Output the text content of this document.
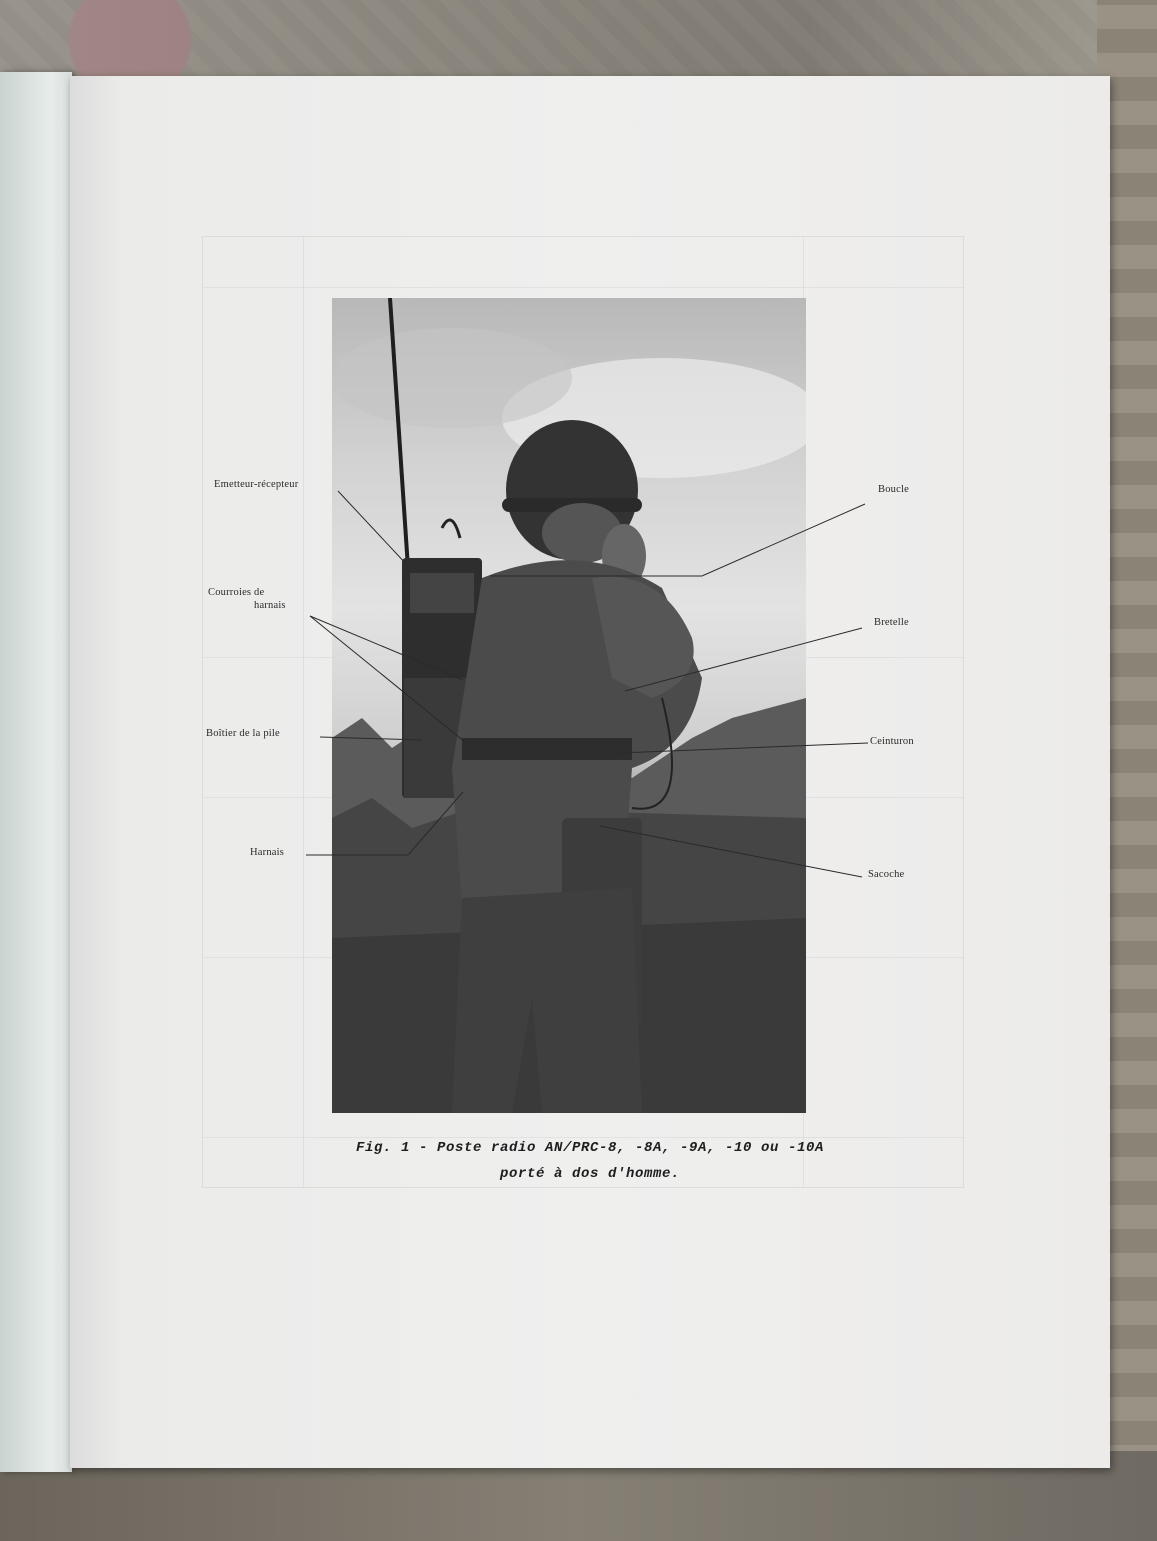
Emetteur-récepteur
Courroies de
harnais
Boîtier de la pile
Harnais
Boucle
Bretelle
Ceinturon
Sacoche
Fig. 1 - Poste radio AN/PRC-8, -8A, -9A, -10 ou -10A
porté à dos d'homme.
